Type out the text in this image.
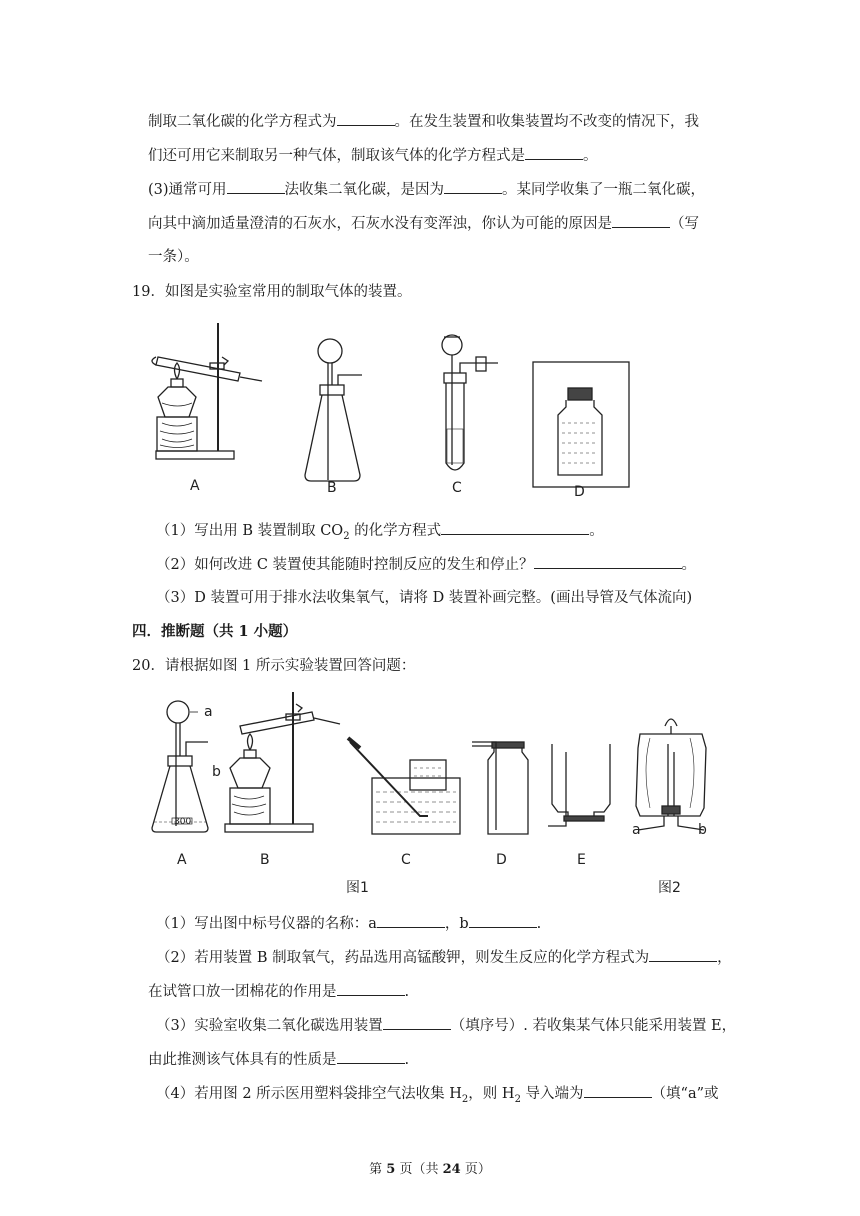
制取二氧化碳的化学方程式为	。在发生装置和收集装置均不改变的情况下，我
们还可用它来制取另一种气体，制取该气体的化学方程式是	。
(3)通常可用	法收集二氧化碳，是因为	。某同学收集了一瓶二氧化碳，
向其中滴加适量澄清的石灰水，石灰水没有变浑浊，你认为可能的原因是	（写
一条）。
19．如图是实验室常用的制取气体的装置。
A	B	C	D
（1）写出用 B 装置制取 $CO_2$ 的化学方程式	。
（2）如何改进 C 装置使其能随时控制反应的发生和停止？	。
（3）D 装置可用于排水法收集氧气，请将 D 装置补画完整。(画出导管及气体流向)
四．推断题（共 1 小题）
20．请根据如图 1 所示实验装置回答问题：
a
b
300
A	B	C	D	E
a	b
图1	图2
（1）写出图中标号仪器的名称：a	，b	.
（2）若用装置 B 制取氧气，药品选用高锰酸钾，则发生反应的化学方程式为	，
在试管口放一团棉花的作用是	.
（3）实验室收集二氧化碳选用装置	（填序号）. 若收集某气体只能采用装置 E，
由此推测该气体具有的性质是	.
（4）若用图 2 所示医用塑料袋排空气法收集 $H_2$，则 $H_2$ 导入端为	（填“a”或
第 5 页（共 24 页）
